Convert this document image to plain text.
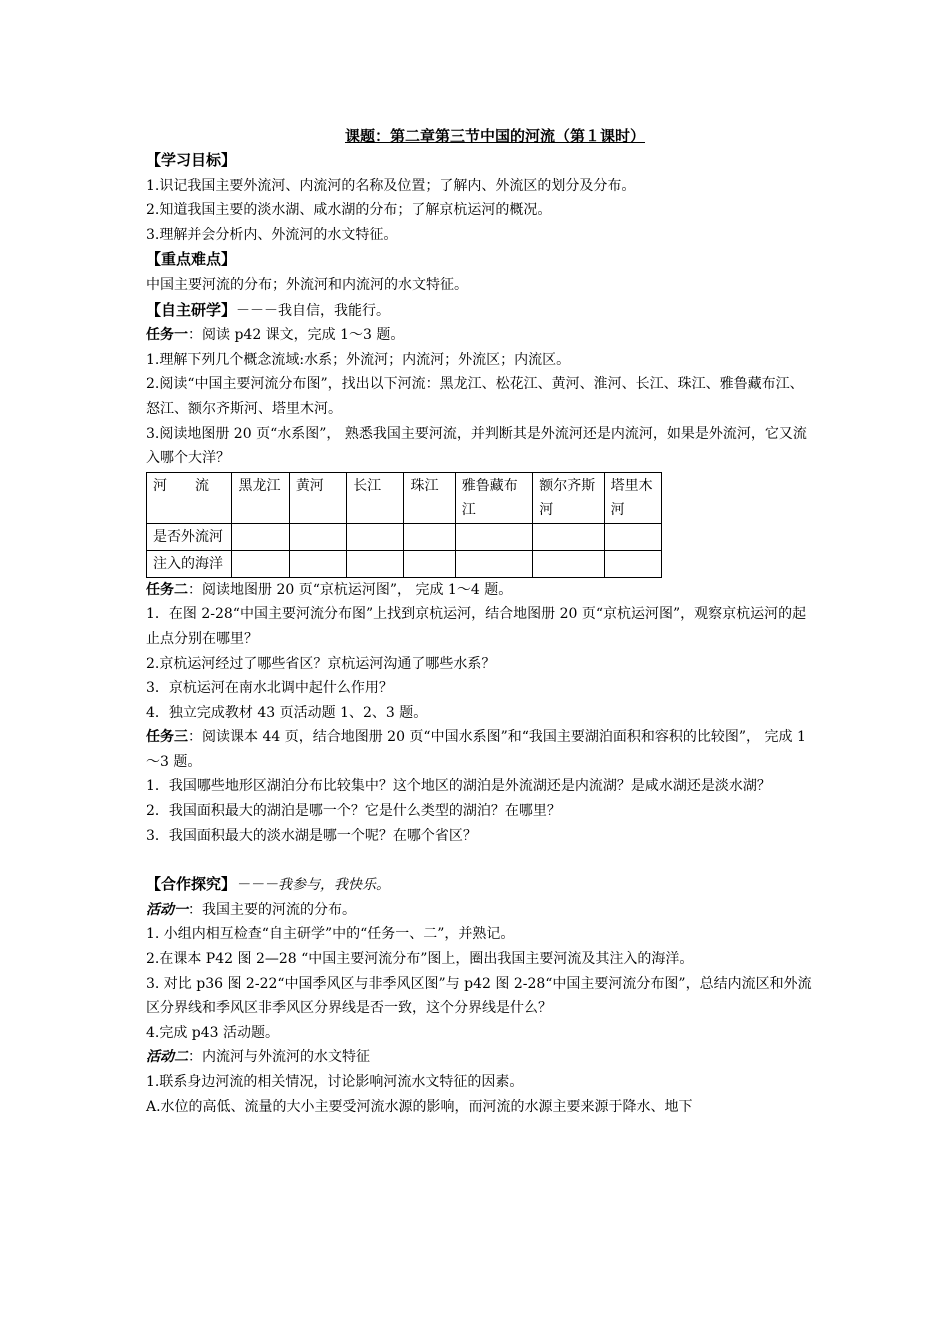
课题：第二章第三节中国的河流（第１课时）
【学习目标】
1.识记我国主要外流河、内流河的名称及位置；了解内、外流区的划分及分布。
2.知道我国主要的淡水湖、咸水湖的分布；了解京杭运河的概况。
3.理解并会分析内、外流河的水文特征。
【重点难点】
中国主要河流的分布；外流河和内流河的水文特征。
【自主研学】－－－我自信，我能行。
任务一：阅读 p42 课文，完成 1～3 题。
1.理解下列几个概念流域:水系；外流河；内流河；外流区；内流区。
2.阅读“中国主要河流分布图”，找出以下河流：黑龙江、松花江、黄河、淮河、长江、珠江、雅鲁藏布江、怒江、额尔齐斯河、塔里木河。
3.阅读地图册 20 页“水系图”， 熟悉我国主要河流，并判断其是外流河还是内流河，如果是外流河，它又流入哪个大洋？
河　　流	黑龙江	黄河	长江	珠江	雅鲁藏布江	额尔齐斯河	塔里木河
是否外流河							
注入的海洋							
任务二：阅读地图册 20 页“京杭运河图”， 完成 1～4 题。
1．在图 2-28“中国主要河流分布图”上找到京杭运河，结合地图册 20 页“京杭运河图”，观察京杭运河的起止点分别在哪里？
2.京杭运河经过了哪些省区？京杭运河沟通了哪些水系？
3．京杭运河在南水北调中起什么作用？
4．独立完成教材 43 页活动题 1、2、3 题。
任务三：阅读课本 44 页，结合地图册 20 页“中国水系图”和“我国主要湖泊面积和容积的比较图”， 完成 1～3 题。
1．我国哪些地形区湖泊分布比较集中？这个地区的湖泊是外流湖还是内流湖？是咸水湖还是淡水湖？
2．我国面积最大的湖泊是哪一个？它是什么类型的湖泊？在哪里？
3．我国面积最大的淡水湖是哪一个呢？在哪个省区？
【合作探究】－－－我参与，我快乐。
活动一：我国主要的河流的分布。
1. 小组内相互检查“自主研学”中的“任务一、二”，并熟记。
2.在课本 P42 图 2—28 “中国主要河流分布”图上，圈出我国主要河流及其注入的海洋。
3. 对比 p36 图 2-22“中国季风区与非季风区图”与 p42 图 2-28“中国主要河流分布图”，总结内流区和外流区分界线和季风区非季风区分界线是否一致，这个分界线是什么？
4.完成 p43 活动题。
活动二：内流河与外流河的水文特征
1.联系身边河流的相关情况，讨论影响河流水文特征的因素。
A.水位的高低、流量的大小主要受河流水源的影响，而河流的水源主要来源于降水、地下
